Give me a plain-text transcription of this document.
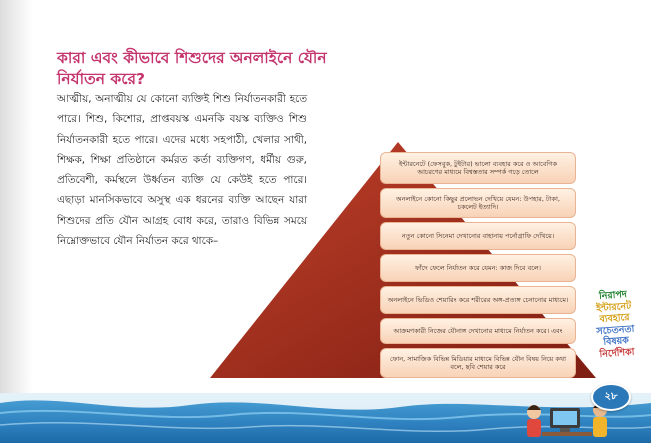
কারা এবং কীভাবে শিশুদের অনলাইনে যৌন নির্যাতন করে?
আত্মীয়, অনাত্মীয় যে কোনো ব্যক্তিই শিশু নির্যাতনকারী হতে পারে। শিশু, কিশোর, প্রাপ্তবয়স্ক এমনকি বয়স্ক ব্যক্তিও শিশু নির্যাতনকারী হতে পারে। এদের মধ্যে সহপাঠী, খেলার সাথী, শিক্ষক, শিক্ষা প্রতিষ্ঠানে কর্মরত কর্তা ব্যক্তিগণ, ধর্মীয় গুরু, প্রতিবেশী, কর্মস্থলে উর্ধ্বতন ব্যক্তি যে কেউই হতে পারে। এছাড়া মানসিকভাবে অসুস্থ এক ধরনের ব্যক্তি আছেন যারা শিশুদের প্রতি যৌন আগ্রহ বোধ করে, তারাও বিভিন্ন সময়ে নিম্নোক্তভাবে যৌন নির্যাতন করে থাকে–
ইন্টারনেটে (ফেসবুক, টুইটার) ভালো ব্যবহার করে ও আবেগিক আচরণের মাধ্যমে বিশ্বস্ততার সম্পর্ক গড়ে তোলে
অনলাইনে কোনো কিছুর প্রলোভন দেখিয়ে যেমন: উপহার, টাকা, চকলেট ইত্যাদি।
নতুন কোনো সিনেমা দেখানোর বাহানায় পর্নোগ্রাফি দেখিয়ে।
ফাঁদে ফেলে নির্যাতন করে যেমন: কাজ দিবে বলে।
অনলাইনে ভিডিও শেয়ারিং করে শরীরের অঙ্গ-প্রত্যঙ্গ চেনানোর মাধ্যমে।
আক্রমণকারী নিজের যৌনাঙ্গ দেখানোর মাধ্যমে নির্যাতন করে। এবং
ফোন, সামাজিক বিভিন্ন মিডিয়ার মাধ্যমে বিভিন্ন যৌন বিষয় নিয়ে কথা বলে, ছবি শেয়ার করে
নিরাপদ
ইন্টারনেট
ব্যবহারে
সচেতনতা
বিষয়ক
নির্দেশিকা
২৮
